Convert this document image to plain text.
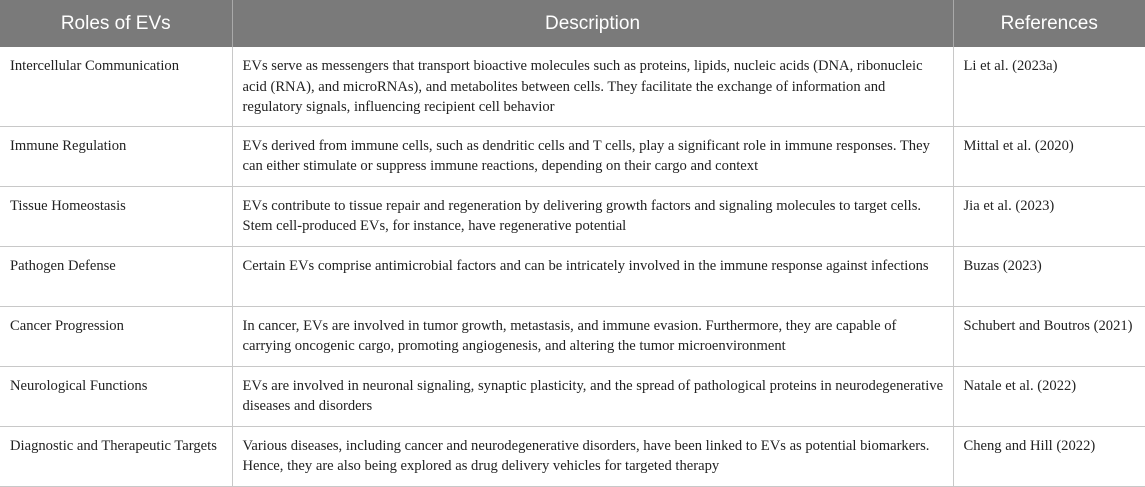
Roles of EVs	Description	References
Intercellular Communication	EVs serve as messengers that transport bioactive molecules such as proteins, lipids, nucleic acids (DNA, ribonucleic acid (RNA), and microRNAs), and metabolites between cells. They facilitate the exchange of information and regulatory signals, influencing recipient cell behavior	Li et al. (2023a)
Immune Regulation	EVs derived from immune cells, such as dendritic cells and T cells, play a significant role in immune responses. They can either stimulate or suppress immune reactions, depending on their cargo and context	Mittal et al. (2020)
Tissue Homeostasis	EVs contribute to tissue repair and regeneration by delivering growth factors and signaling molecules to target cells. Stem cell-produced EVs, for instance, have regenerative potential	Jia et al. (2023)
Pathogen Defense	Certain EVs comprise antimicrobial factors and can be intricately involved in the immune response against infections	Buzas (2023)
Cancer Progression	In cancer, EVs are involved in tumor growth, metastasis, and immune evasion. Furthermore, they are capable of carrying oncogenic cargo, promoting angiogenesis, and altering the tumor microenvironment	Schubert and Boutros (2021)
Neurological Functions	EVs are involved in neuronal signaling, synaptic plasticity, and the spread of pathological proteins in neurodegenerative diseases and disorders	Natale et al. (2022)
Diagnostic and Therapeutic Targets	Various diseases, including cancer and neurodegenerative disorders, have been linked to EVs as potential biomarkers. Hence, they are also being explored as drug delivery vehicles for targeted therapy	Cheng and Hill (2022)
